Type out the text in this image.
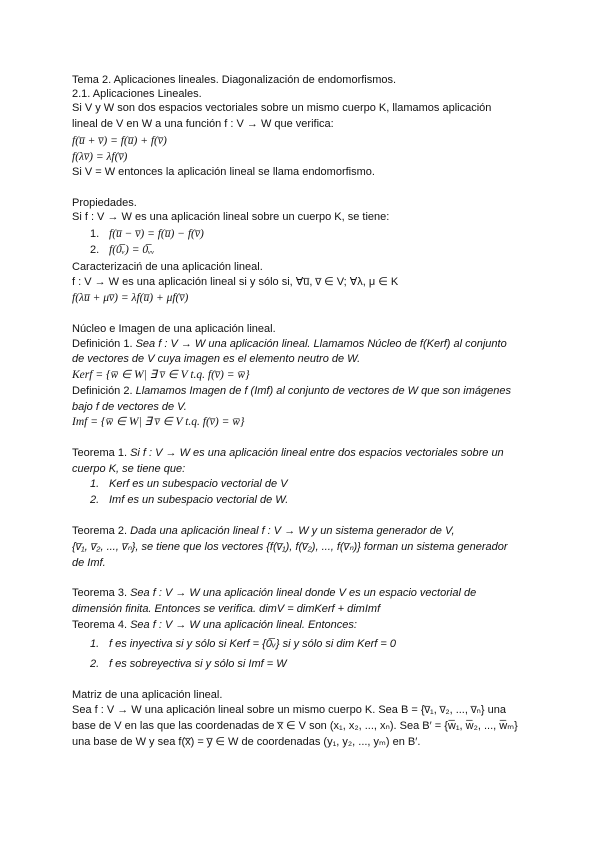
Tema 2. Aplicaciones lineales. Diagonalización de endomorfismos.
2.1. Aplicaciones Lineales.
Si V y W son dos espacios vectoriales sobre un mismo cuerpo K, llamamos aplicación
lineal de V en W a una función f : V → W que verifica:
f(u̅ + v̅) = f(u̅) + f(v̅)
f(λv̅) = λf(v̅)
Si V = W entonces la aplicación lineal se llama endomorfismo.
Propiedades.
Si f : V → W es una aplicación lineal sobre un cuerpo K, se tiene:
1. f(u̅ − v̅) = f(u̅) − f(v̅)
2. f(0̅ᵥ) = 0̅ᵥᵥ
Caracterizaciń de una aplicación lineal.
f : V → W es una aplicación lineal si y sólo si, ∀u̅, v̅ ∈ V; ∀λ, μ ∈ K
f(λu̅ + μv̅) = λf(u̅) + μf(v̅)
Núcleo e Imagen de una aplicación lineal.
Definición 1. Sea f : V → W una aplicación lineal. Llamamos Núcleo de f(Kerf) al conjunto
de vectores de V cuya imagen es el elemento neutro de W.
Kerf = {w̅ ∈ W| ∃ v̅ ∈ V t.q. f(v̅) = w̅}
Definición 2. Llamamos Imagen de f (Imf) al conjunto de vectores de W que son imágenes
bajo f de vectores de V.
Imf = {w̅ ∈ W| ∃ v̅ ∈ V t.q. f(v̅) = w̅}
Teorema 1. Si f : V → W es una aplicación lineal entre dos espacios vectoriales sobre un
cuerpo K, se tiene que:
1. Kerf es un subespacio vectorial de V
2. Imf es un subespacio vectorial de W.
Teorema 2. Dada una aplicación lineal f : V → W y un sistema generador de V,
{v̅₁, v̅₂, ..., v̅ₙ}, se tiene que los vectores {f(v̅₁), f(v̅₂), ..., f(v̅ₙ)} forman un sistema generador
de Imf.
Teorema 3. Sea f : V → W una aplicación lineal donde V es un espacio vectorial de
dimensión finita. Entonces se verifica. dimV = dimKerf + dimImf
Teorema 4. Sea f : V → W una aplicación lineal. Entonces:
1. f es inyectiva si y sólo si Kerf = {0̅ᵥ} si y sólo si dim Kerf = 0
2. f es sobreyectiva si y sólo si Imf = W
Matriz de una aplicación lineal.
Sea f : V → W una aplicación lineal sobre un mismo cuerpo K. Sea B = {v̅₁, v̅₂, ..., v̅ₙ} una
base de V en las que las coordenadas de x̅ ∈ V son (x₁, x₂, ..., xₙ). Sea B′ = {w̅₁, w̅₂, ..., w̅ₘ}
una base de W y sea f(x̅) = y̅ ∈ W de coordenadas (y₁, y₂, ..., yₘ) en B′.
